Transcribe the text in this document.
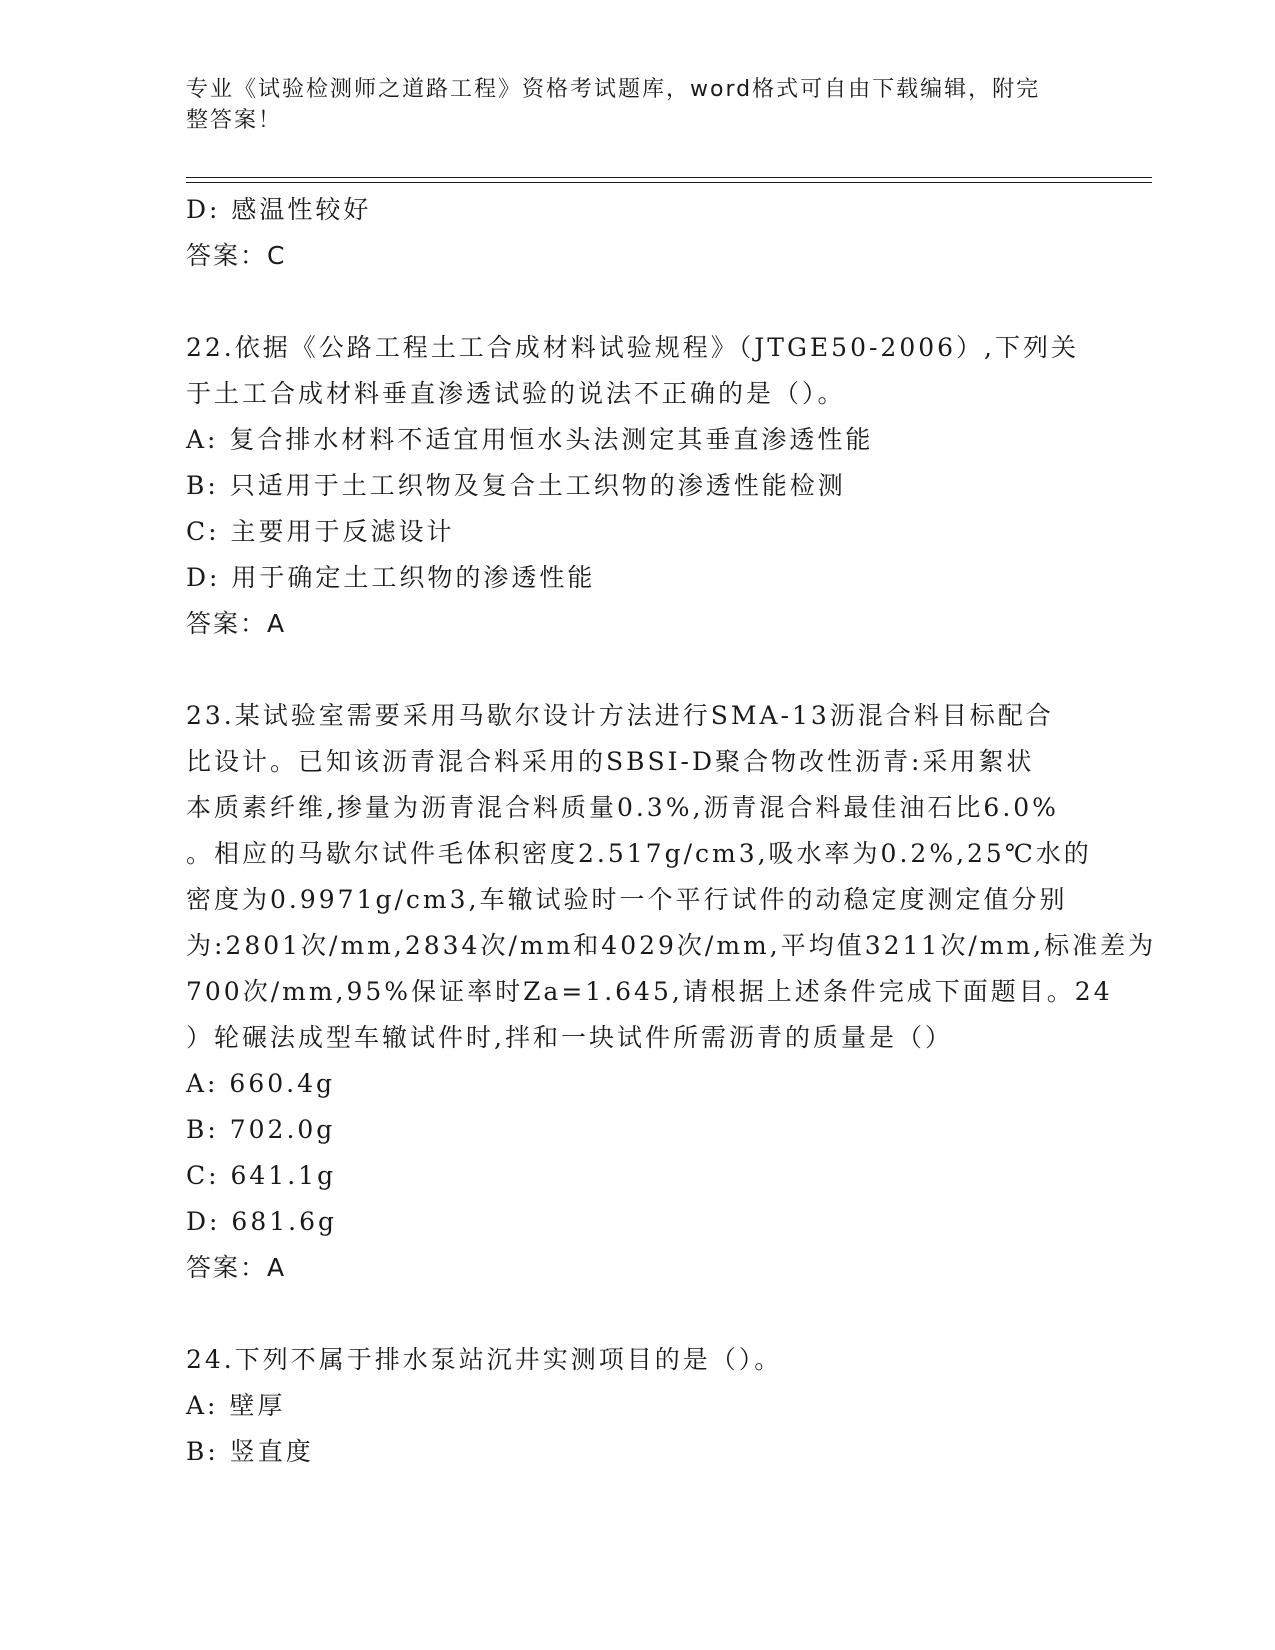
专业《试验检测师之道路工程》资格考试题库，word格式可自由下载编辑，附完
整答案！
D: 感温性较好
答案：C
22.依据《公路工程土工合成材料试验规程》（JTGE50-2006）,下列关
于土工合成材料垂直渗透试验的说法不正确的是（）。
A: 复合排水材料不适宜用恒水头法测定其垂直渗透性能
B: 只适用于土工织物及复合土工织物的渗透性能检测
C: 主要用于反滤设计
D: 用于确定土工织物的渗透性能
答案：A
23.某试验室需要采用马歇尔设计方法进行SMA-13沥混合料目标配合
比设计。已知该沥青混合料采用的SBSI-D聚合物改性沥青:采用絮状
本质素纤维,掺量为沥青混合料质量0.3%,沥青混合料最佳油石比6.0%
。相应的马歇尔试件毛体积密度2.517g/cm3,吸水率为0.2%,25℃水的
密度为0.9971g/cm3,车辙试验时一个平行试件的动稳定度测定值分别
为:2801次/mm,2834次/mm和4029次/mm,平均值3211次/mm,标准差为
700次/mm,95%保证率时Za=1.645,请根据上述条件完成下面题目。24
）轮碾法成型车辙试件时,拌和一块试件所需沥青的质量是（）
A: 660.4g
B: 702.0g
C: 641.1g
D: 681.6g
答案：A
24.下列不属于排水泵站沉井实测项目的是（）。
A: 壁厚
B: 竖直度
